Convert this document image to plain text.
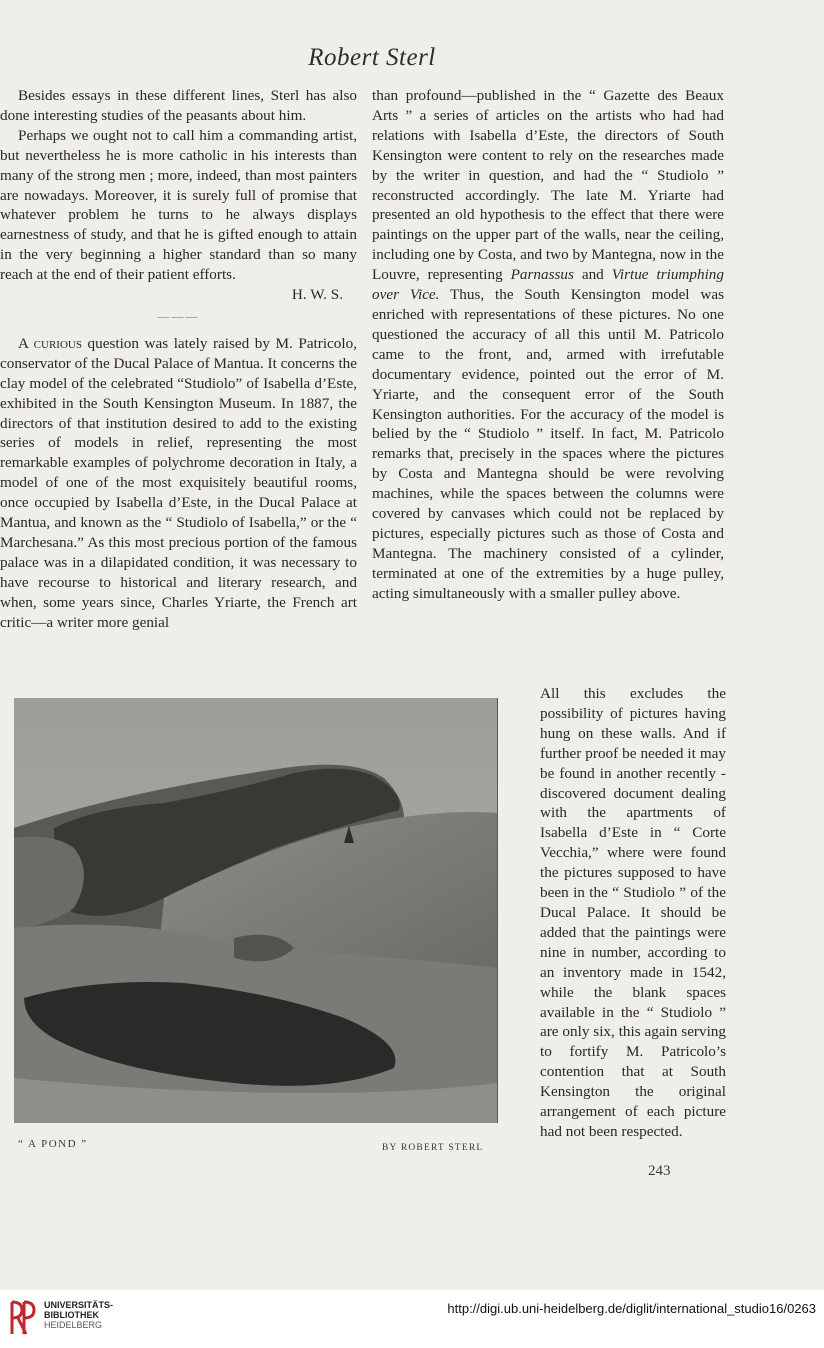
Robert Sterl

Besides essays in these different lines, Sterl has also done interesting studies of the peasants about him.

Perhaps we ought not to call him a commanding artist, but nevertheless he is more catholic in his interests than many of the strong men ; more, indeed, than most painters are nowadays. Moreover, it is surely full of promise that whatever problem he turns to he always displays earnestness of study, and that he is gifted enough to attain in the very beginning a higher standard than so many reach at the end of their patient efforts.

H. W. S.
———

A curious question was lately raised by M. Patricolo, conservator of the Ducal Palace of Mantua. It concerns the clay model of the celebrated “Studiolo” of Isabella d’Este, exhibited in the South Kensington Museum. In 1887, the directors of that institution desired to add to the existing series of models in relief, representing the most remarkable examples of polychrome decoration in Italy, a model of one of the most exquisitely beautiful rooms, once occupied by Isabella d’Este, in the Ducal Palace at Mantua, and known as the “ Studiolo of Isabella,” or the “ Marchesana.” As this most precious portion of the famous palace was in a dilapidated condition, it was necessary to have recourse to historical and literary research, and when, some years since, Charles Yriarte, the French art critic—a writer more genial

than profound—published in the “ Gazette des Beaux Arts ” a series of articles on the artists who had had relations with Isabella d’Este, the directors of South Kensington were content to rely on the researches made by the writer in question, and had the “ Studiolo ” reconstructed accordingly. The late M. Yriarte had presented an old hypothesis to the effect that there were paintings on the upper part of the walls, near the ceiling, including one by Costa, and two by Mantegna, now in the Louvre, representing Parnassus and Virtue triumphing over Vice. Thus, the South Kensington model was enriched with representations of these pictures. No one questioned the accuracy of all this until M. Patricolo came to the front, and, armed with irrefutable documentary evidence, pointed out the error of M. Yriarte, and the consequent error of the South Kensington authorities. For the accuracy of the model is belied by the “ Studiolo ” itself. In fact, M. Patricolo remarks that, precisely in the spaces where the pictures by Costa and Mantegna should be were revolving machines, while the spaces between the columns were covered by canvases which could not be replaced by pictures, especially pictures such as those of Costa and Mantegna. The machinery consisted of a cylinder, terminated at one of the extremities by a huge pulley, acting simultaneously with a smaller pulley above.

All this excludes the possibility of pictures having hung on these walls. And if further proof be needed it may be found in another recently - discovered document dealing with the apartments of Isabella d’Este in “ Corte Vecchia,” where were found the pictures supposed to have been in the “ Studiolo ” of the Ducal Palace. It should be added that the paintings were nine in number, according to an inventory made in 1542, while the blank spaces available in the “ Studiolo ” are only six, this again serving to fortify M. Patricolo’s contention that at South Kensington the original arrangement of each picture had not been respected.

“ A POND ”	BY ROBERT STERL
243
UNIVERSITÄTS-
BIBLIOTHEK
HEIDELBERG
http://digi.ub.uni-heidelberg.de/diglit/international_studio16/0263
